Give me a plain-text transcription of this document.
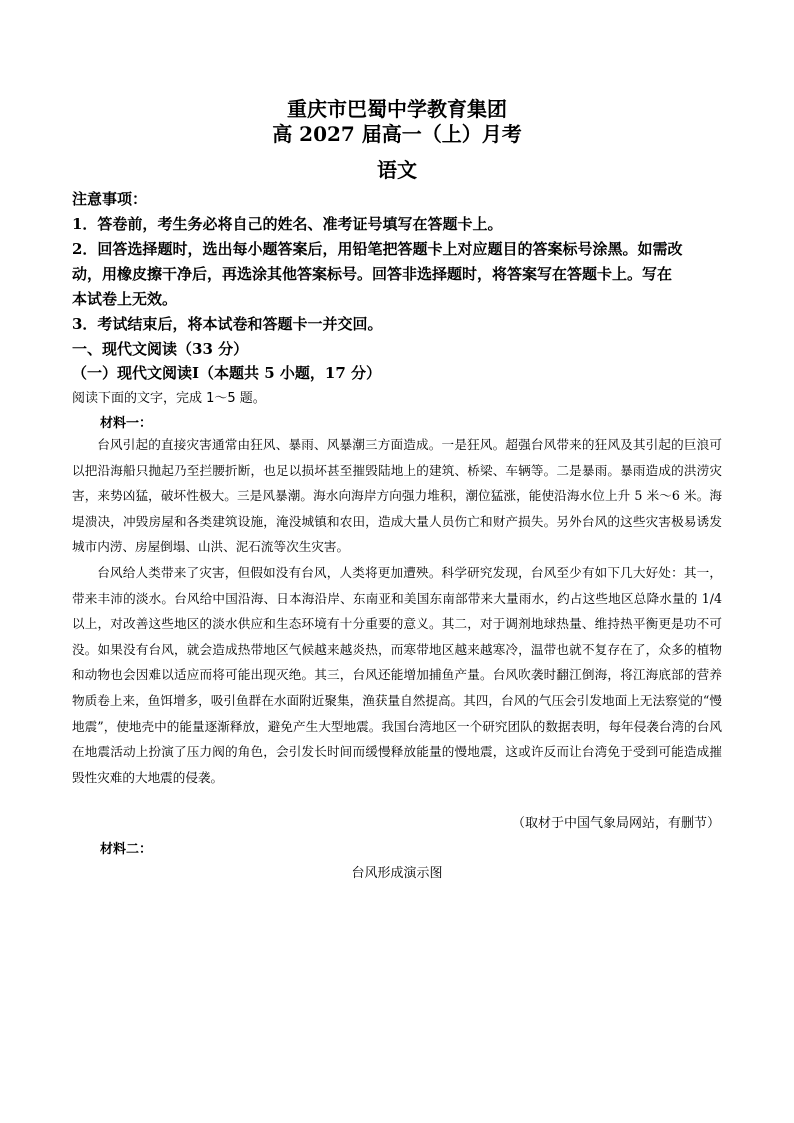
重庆市巴蜀中学教育集团
高 2027 届高一（上）月考
语文
注意事项：
1．答卷前，考生务必将自己的姓名、准考证号填写在答题卡上。
2．回答选择题时，选出每小题答案后，用铅笔把答题卡上对应题目的答案标号涂黑。如需改
动，用橡皮擦干净后，再选涂其他答案标号。回答非选择题时，将答案写在答题卡上。写在
本试卷上无效。
3．考试结束后，将本试卷和答题卡一并交回。
一、现代文阅读（33 分）
（一）现代文阅读Ⅰ（本题共 5 小题，17 分）
阅读下面的文字，完成 1～5 题。
材料一：

台风引起的直接灾害通常由狂风、暴雨、风暴潮三方面造成。一是狂风。超强台风带来的狂风及其引起的巨浪可以把沿海船只抛起乃至拦腰折断，也足以损坏甚至摧毁陆地上的建筑、桥梁、车辆等。二是暴雨。暴雨造成的洪涝灾害，来势凶猛，破坏性极大。三是风暴潮。海水向海岸方向强力堆积，潮位猛涨，能使沿海水位上升 5 米～6 米。海堤溃决，冲毁房屋和各类建筑设施，淹没城镇和农田，造成大量人员伤亡和财产损失。另外台风的这些灾害极易诱发城市内涝、房屋倒塌、山洪、泥石流等次生灾害。

台风给人类带来了灾害，但假如没有台风，人类将更加遭殃。科学研究发现，台风至少有如下几大好处：其一，带来丰沛的淡水。台风给中国沿海、日本海沿岸、东南亚和美国东南部带来大量雨水，约占这些地区总降水量的 1/4 以上，对改善这些地区的淡水供应和生态环境有十分重要的意义。其二，对于调剂地球热量、维持热平衡更是功不可没。如果没有台风，就会造成热带地区气候越来越炎热，而寒带地区越来越寒冷，温带也就不复存在了，众多的植物和动物也会因难以适应而将可能出现灭绝。其三，台风还能增加捕鱼产量。台风吹袭时翻江倒海，将江海底部的营养物质卷上来，鱼饵增多，吸引鱼群在水面附近聚集，渔获量自然提高。其四，台风的气压会引发地面上无法察觉的“慢地震”，使地壳中的能量逐渐释放，避免产生大型地震。我国台湾地区一个研究团队的数据表明，每年侵袭台湾的台风在地震活动上扮演了压力阀的角色，会引发长时间而缓慢释放能量的慢地震，这或许反而让台湾免于受到可能造成摧毁性灾难的大地震的侵袭。

（取材于中国气象局网站，有删节）
材料二：
台风形成演示图
